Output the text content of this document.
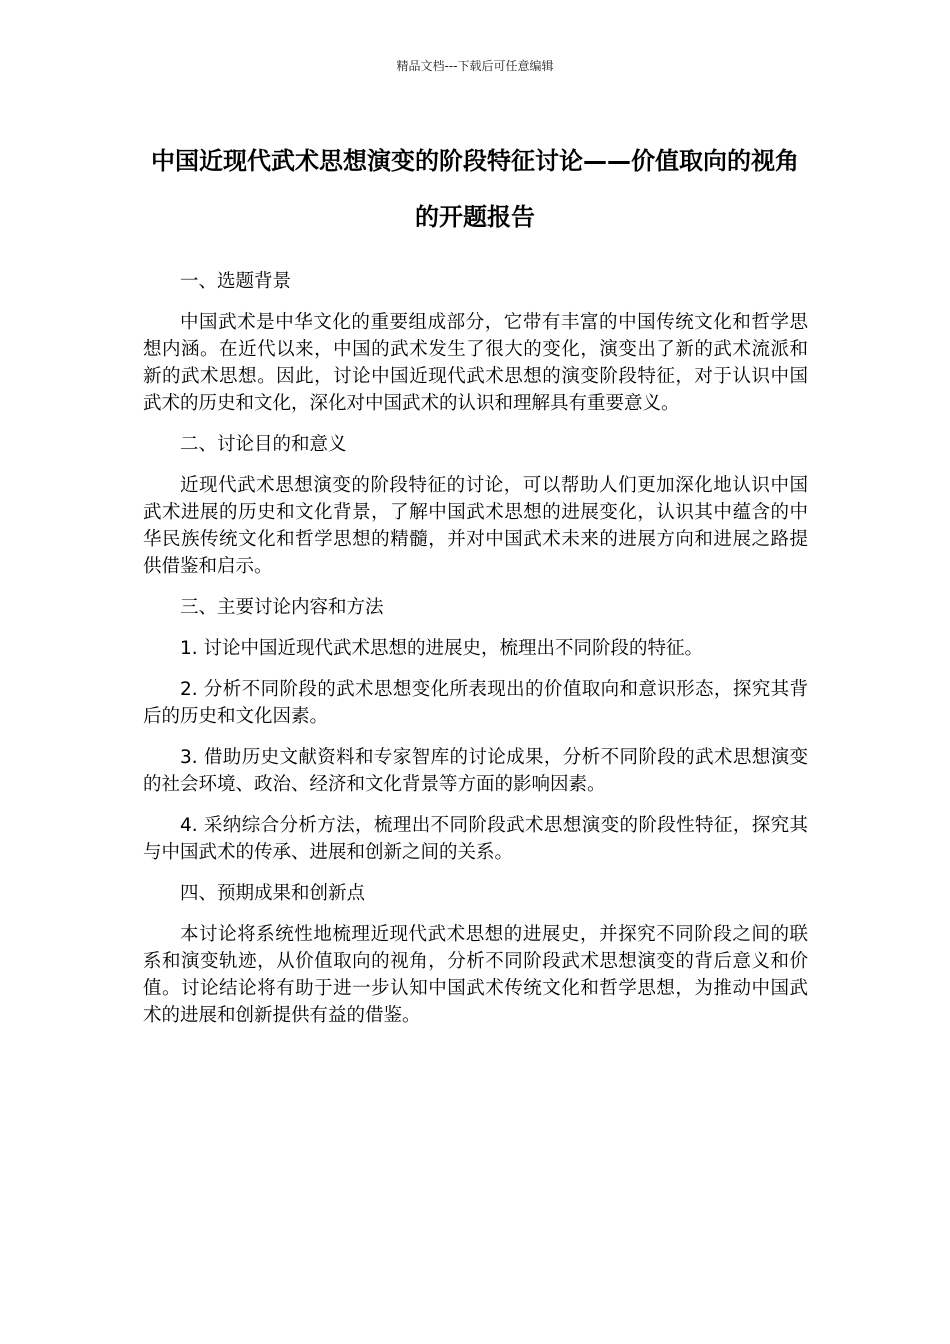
精品文档---下载后可任意编辑
中国近现代武术思想演变的阶段特征讨论——价值取向的视角的开题报告

一、选题背景

中国武术是中华文化的重要组成部分，它带有丰富的中国传统文化和哲学思想内涵。在近代以来，中国的武术发生了很大的变化，演变出了新的武术流派和新的武术思想。因此，讨论中国近现代武术思想的演变阶段特征，对于认识中国武术的历史和文化，深化对中国武术的认识和理解具有重要意义。

二、讨论目的和意义

近现代武术思想演变的阶段特征的讨论，可以帮助人们更加深化地认识中国武术进展的历史和文化背景，了解中国武术思想的进展变化，认识其中蕴含的中华民族传统文化和哲学思想的精髓，并对中国武术未来的进展方向和进展之路提供借鉴和启示。

三、主要讨论内容和方法

1. 讨论中国近现代武术思想的进展史，梳理出不同阶段的特征。

2. 分析不同阶段的武术思想变化所表现出的价值取向和意识形态，探究其背后的历史和文化因素。

3. 借助历史文献资料和专家智库的讨论成果，分析不同阶段的武术思想演变的社会环境、政治、经济和文化背景等方面的影响因素。

4. 采纳综合分析方法，梳理出不同阶段武术思想演变的阶段性特征，探究其与中国武术的传承、进展和创新之间的关系。

四、预期成果和创新点

本讨论将系统性地梳理近现代武术思想的进展史，并探究不同阶段之间的联系和演变轨迹，从价值取向的视角，分析不同阶段武术思想演变的背后意义和价值。讨论结论将有助于进一步认知中国武术传统文化和哲学思想，为推动中国武术的进展和创新提供有益的借鉴。
